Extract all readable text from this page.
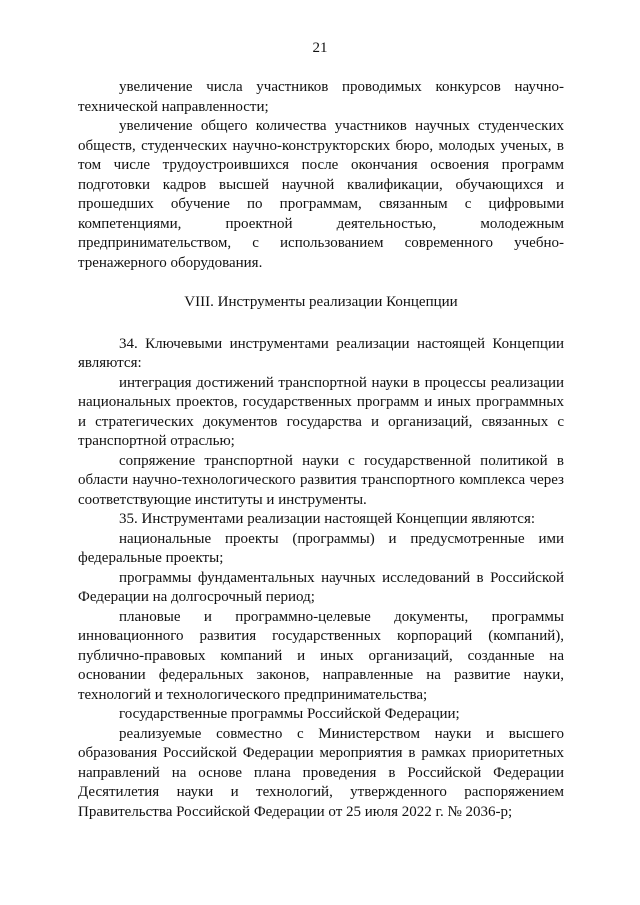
21

увеличение числа участников проводимых конкурсов научно-технической направленности;

увеличение общего количества участников научных студенческих обществ, студенческих научно-конструкторских бюро, молодых ученых, в том числе трудоустроившихся после окончания освоения программ подготовки кадров высшей научной квалификации, обучающихся и прошедших обучение по программам, связанным с цифровыми компетенциями, проектной деятельностью, молодежным предпринимательством, с использованием современного учебно-тренажерного оборудования.

VIII. Инструменты реализации Концепции

34. Ключевыми инструментами реализации настоящей Концепции являются:

интеграция достижений транспортной науки в процессы реализации национальных проектов, государственных программ и иных программных и стратегических документов государства и организаций, связанных с транспортной отраслью;

сопряжение транспортной науки с государственной политикой в области научно-технологического развития транспортного комплекса через соответствующие институты и инструменты.

35. Инструментами реализации настоящей Концепции являются:

национальные проекты (программы) и предусмотренные ими федеральные проекты;

программы фундаментальных научных исследований в Российской Федерации на долгосрочный период;

плановые и программно-целевые документы, программы инновационного развития государственных корпораций (компаний), публично-правовых компаний и иных организаций, созданные на основании федеральных законов, направленные на развитие науки, технологий и технологического предпринимательства;

государственные программы Российской Федерации;

реализуемые совместно с Министерством науки и высшего образования Российской Федерации мероприятия в рамках приоритетных направлений на основе плана проведения в Российской Федерации Десятилетия науки и технологий, утвержденного распоряжением Правительства Российской Федерации от 25 июля 2022 г. № 2036-р;
